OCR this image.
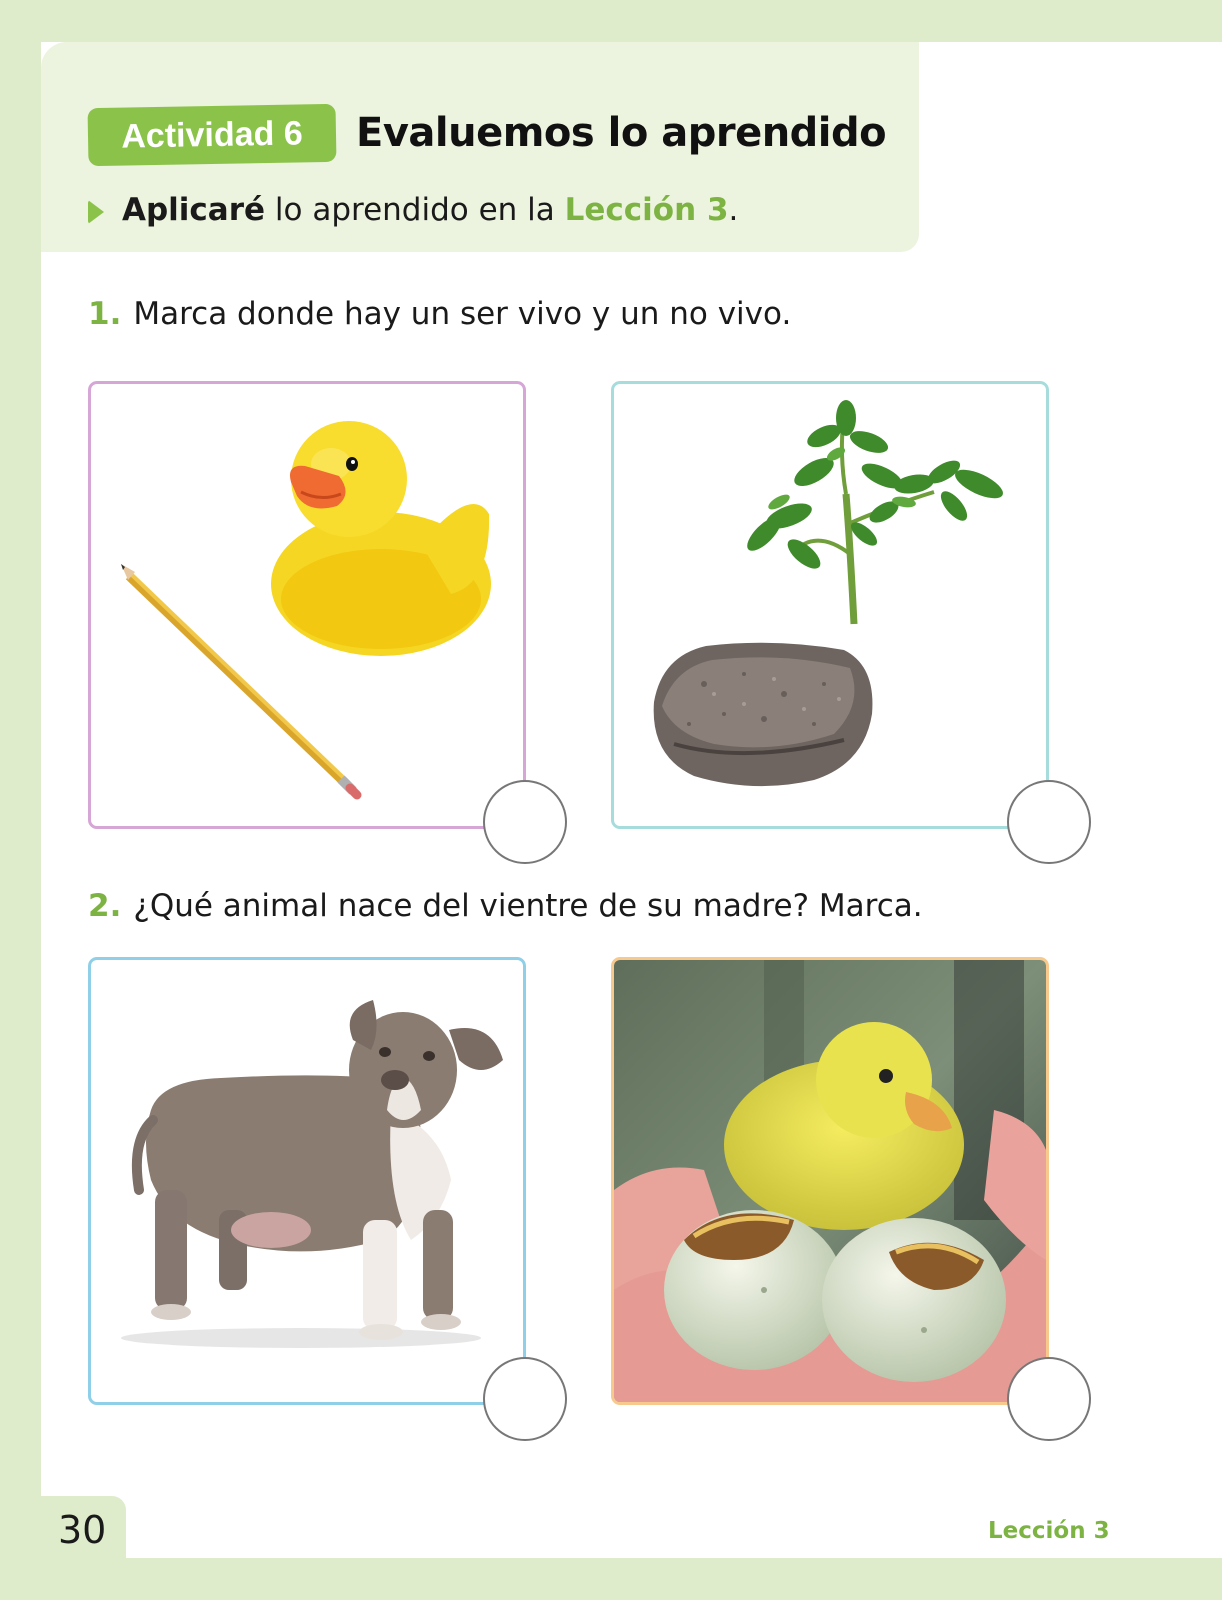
Actividad 6 Evaluemos lo aprendido
Aplicaré lo aprendido en la Lección 3.
1. Marca donde hay un ser vivo y un no vivo.
2. ¿Qué animal nace del vientre de su madre? Marca.
30	Lección 3
